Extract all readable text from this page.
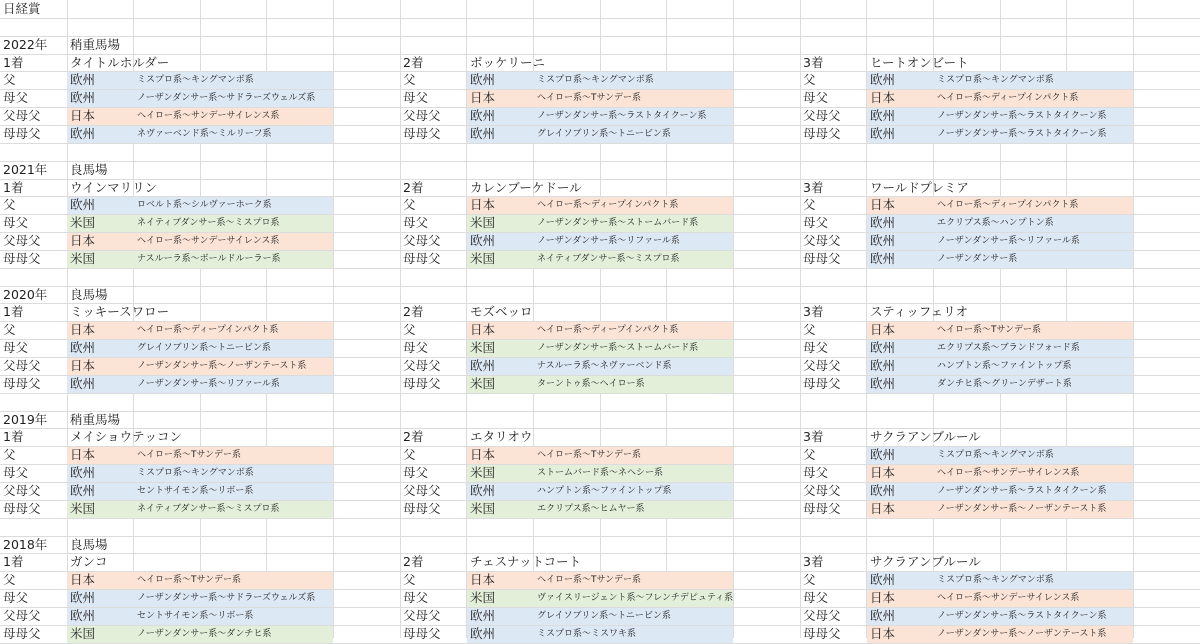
日経賞
2022年 稍重馬場
1着	タイトルホルダー
父	欧州	ミスプロ系〜キングマンボ系
母父	欧州	ノーザンダンサー系〜サドラーズウェルズ系
父母父 日本	ヘイロー系〜サンデーサイレンス系
母母父 欧州	ネヴァーベンド系〜ミルリーフ系
2着	ボッケリーニ
父	欧州	ミスプロ系〜キングマンボ系
母父	日本	ヘイロー系〜Tサンデー系
父母父 欧州	ノーザンダンサー系〜ラストタイクーン系
母母父 欧州	グレイソブリン系〜トニービン系
3着	ヒートオンビート
父	欧州	ミスプロ系〜キングマンボ系
母父	日本	ヘイロー系〜ディープインパクト系
父母父 欧州	ノーザンダンサー系〜ラストタイクーン系
母母父 欧州	ノーザンダンサー系〜ラストタイクーン系
2021年 良馬場
1着	ウインマリリン
父	欧州	ロベルト系〜シルヴァーホーク系
母父	米国	ネイティブダンサー系〜ミスプロ系
父母父 日本	ヘイロー系〜サンデーサイレンス系
母母父 米国	ナスルーラ系〜ボールドルーラー系
2着	カレンブーケドール
父	日本	ヘイロー系〜ディープインパクト系
母父	米国	ノーザンダンサー系〜ストームバード系
父母父 欧州	ノーザンダンサー系〜リファール系
母母父 米国	ネイティブダンサー系〜ミスプロ系
3着	ワールドプレミア
父	日本	ヘイロー系〜ディープインパクト系
母父	欧州	エクリプス系〜ハンプトン系
父母父 欧州	ノーザンダンサー系〜リファール系
母母父 欧州	ノーザンダンサー系
2020年 良馬場
1着	ミッキースワロー
父	日本	ヘイロー系〜ディープインパクト系
母父	欧州	グレイソブリン系〜トニービン系
父母父 日本	ノーザンダンサー系〜ノーザンテースト系
母母父 欧州	ノーザンダンサー系〜リファール系
2着	モズベッロ
父	日本	ヘイロー系〜ディープインパクト系
母父	米国	ノーザンダンサー系〜ストームバード系
父母父 欧州	ナスルーラ系〜ネヴァーベンド系
母母父 米国	ターントゥ系〜ヘイロー系
3着	スティッフェリオ
父	日本	ヘイロー系〜Tサンデー系
母父	欧州	エクリプス系〜ブランドフォード系
父母父 欧州	ハンプトン系〜ファイントップ系
母母父 欧州	ダンチヒ系〜グリーンデザート系
2019年 稍重馬場
1着	メイショウテッコン
父	日本	ヘイロー系〜Tサンデー系
母父	欧州	ミスプロ系〜キングマンボ系
父母父 欧州	セントサイモン系〜リボー系
母母父 米国	ネイティブダンサー系〜ミスプロ系
2着	エタリオウ
父	日本	ヘイロー系〜Tサンデー系
母父	米国	ストームバード系〜ネヘシー系
父母父 欧州	ハンプトン系〜ファイントップ系
母母父 米国	エクリプス系〜ヒムヤー系
3着	サクラアンブルール
父	欧州	ミスプロ系〜キングマンボ系
母父	日本	ヘイロー系〜サンデーサイレンス系
父母父 欧州	ノーザンダンサー系〜ラストタイクーン系
母母父 日本	ノーザンダンサー系〜ノーザンテースト系
2018年 良馬場
1着	ガンコ
父	日本	ヘイロー系〜Tサンデー系
母父	欧州	ノーザンダンサー系〜サドラーズウェルズ系
父母父 欧州	セントサイモン系〜リボー系
母母父 米国	ノーザンダンサー系〜ダンチヒ系
2着	チェスナットコート
父	日本	ヘイロー系〜Tサンデー系
母父	米国	ヴァイスリージェント系〜フレンチデピュティ系
父母父 欧州	グレイソブリン系〜トニービン系
母母父 欧州	ミスプロ系〜ミスワキ系
3着	サクラアンブルール
父	欧州	ミスプロ系〜キングマンボ系
母父	日本	ヘイロー系〜サンデーサイレンス系
父母父 欧州	ノーザンダンサー系〜ラストタイクーン系
母母父 日本	ノーザンダンサー系〜ノーザンテースト系
